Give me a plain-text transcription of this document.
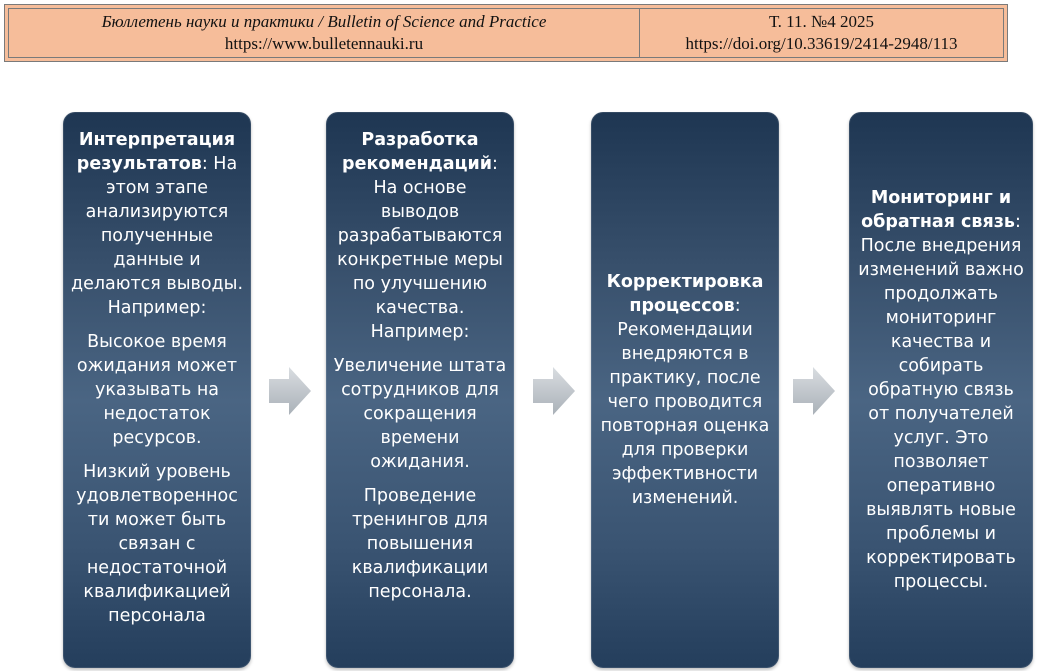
Бюллетень науки и практики / Bulletin of Science and Practice
https://www.bulletennauki.ru
Т. 11. №4 2025
https://doi.org/10.33619/2414-2948/113

Интерпретация результатов: На этом этапе анализируются полученные данные и делаются выводы. Например:

Высокое время ожидания может указывать на недостаток ресурсов.

Низкий уровень удовлетвореннос ти может быть связан с недостаточной квалификацией персонала

Разработка рекомендаций: На основе выводов разрабатываются конкретные меры по улучшению качества. Например:

Увеличение штата сотрудников для сокращения времени ожидания.

Проведение тренингов для повышения квалификации персонала.

Корректировка процессов: Рекомендации внедряются в практику, после чего проводится повторная оценка для проверки эффективности изменений.

Мониторинг и обратная связь: После внедрения изменений важно продолжать мониторинг качества и собирать обратную связь от получателей услуг. Это позволяет оперативно выявлять новые проблемы и корректировать процессы.
